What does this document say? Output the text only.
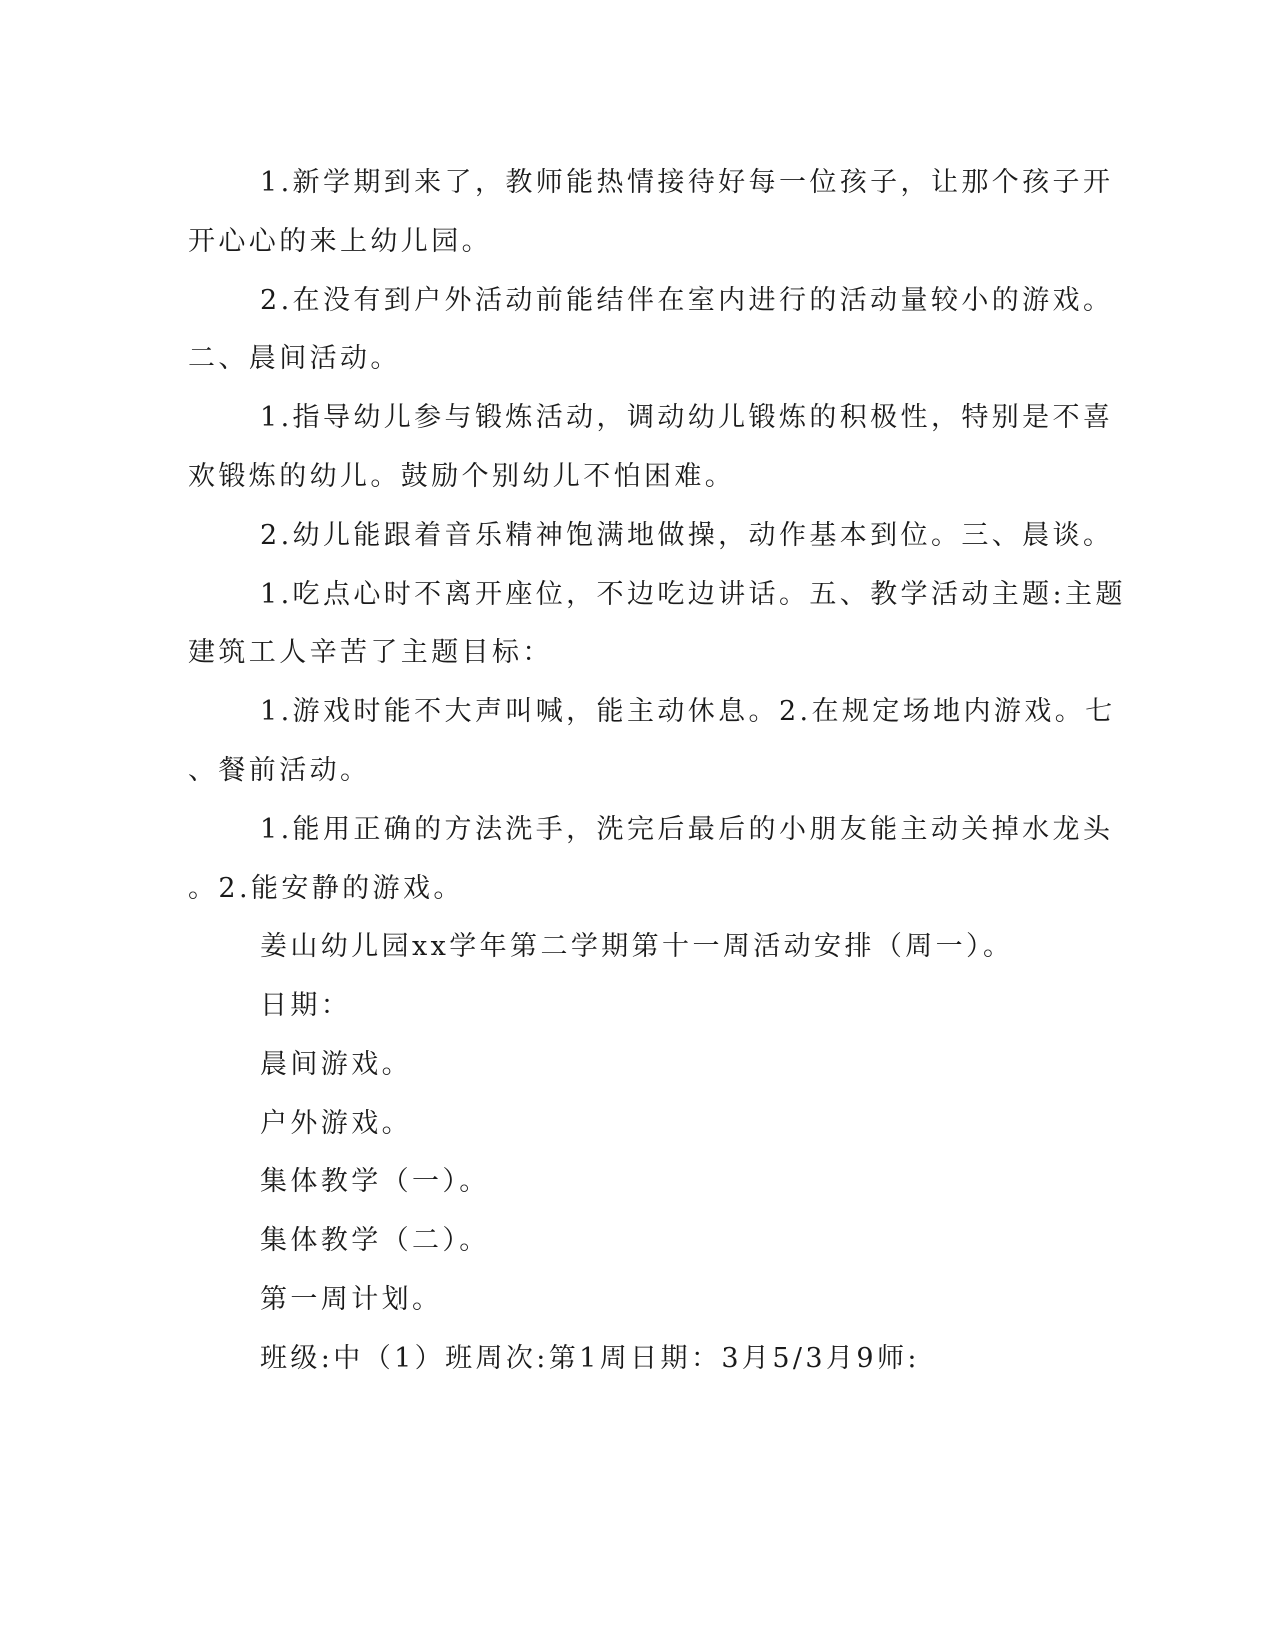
1.新学期到来了，教师能热情接待好每一位孩子，让那个孩子开
开心心的来上幼儿园。
2.在没有到户外活动前能结伴在室内进行的活动量较小的游戏。
二、晨间活动。
1.指导幼儿参与锻炼活动，调动幼儿锻炼的积极性，特别是不喜
欢锻炼的幼儿。鼓励个别幼儿不怕困难。
2.幼儿能跟着音乐精神饱满地做操，动作基本到位。三、晨谈。
1.吃点心时不离开座位，不边吃边讲话。五、教学活动主题:主题
建筑工人辛苦了主题目标：
1.游戏时能不大声叫喊，能主动休息。2.在规定场地内游戏。七
、餐前活动。
1.能用正确的方法洗手，洗完后最后的小朋友能主动关掉水龙头
。2.能安静的游戏。
姜山幼儿园xx学年第二学期第十一周活动安排（周一）。
日期：
晨间游戏。
户外游戏。
集体教学（一）。
集体教学（二）。
第一周计划。
班级:中（1）班周次:第1周日期：3月5/3月9师:
